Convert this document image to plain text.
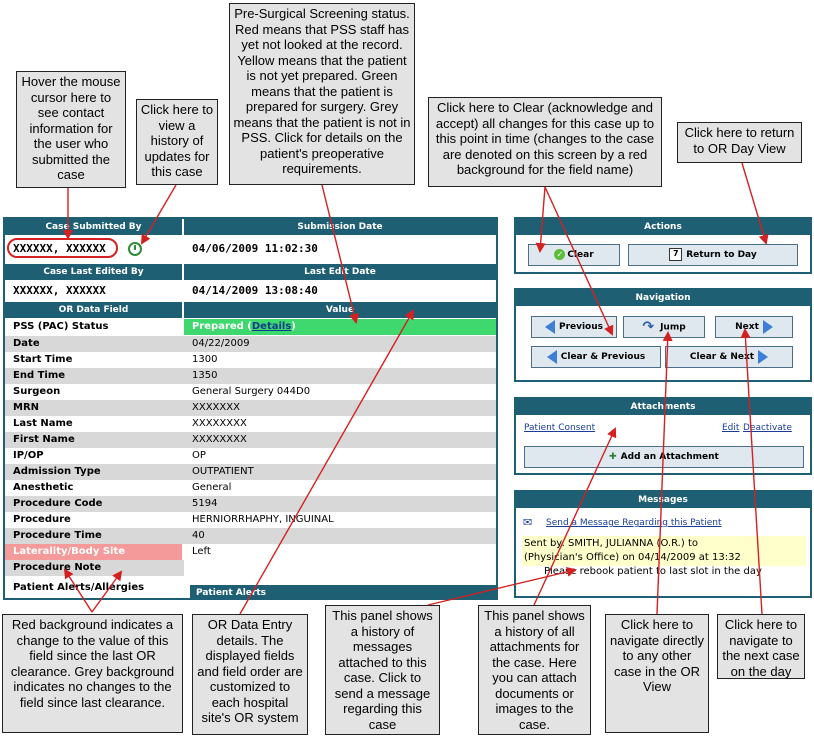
Case Submitted By	Submission Date
XXXXXX, XXXXXX	04/06/2009 11:02:30
Case Last Edited By	Last Edit Date
XXXXXX, XXXXXX	04/14/2009 13:08:40
OR Data Field	Value
PSS (PAC) Status	Prepared (Details)
Date	04/22/2009
Start Time	1300
End Time	1350
Surgeon	General Surgery 044D0
MRN	XXXXXXX
Last Name	XXXXXXXX
First Name	XXXXXXXX
IP/OP	OP
Admission Type	OUTPATIENT
Anesthetic	General
Procedure Code	5194
Procedure	HERNIORRHAPHY, INGUINAL
Procedure Time	40
Laterality/Body Site	Left
Procedure Note
Patient Alerts/Allergies	Patient Alerts
Actions
✓ Clear	7 Return to Day
Navigation
Previous	↷ Jump	Next
Clear & Previous	Clear & Next
Attachments
Patient Consent	Edit Deactivate
✚ Add an Attachment
Messages
✉ Send a Message Regarding this Patient
Sent by: SMITH, JULIANNA (O.R.) to
(Physician's Office) on 04/14/2009 at 13:32
Please rebook patient to last slot in the day
Hover the mouse cursor here to see contact information for the user who submitted the case
Click here to view a history of updates for this case
Pre-Surgical Screening status. Red means that PSS staff has yet not looked at the record. Yellow means that the patient is not yet prepared. Green means that the patient is prepared for surgery. Grey means that the patient is not in PSS. Click for details on the patient's preoperative requirements.
Click here to Clear (acknowledge and accept) all changes for this case up to this point in time (changes to the case are denoted on this screen by a red background for the field name)
Click here to return to OR Day View
Red background indicates a change to the value of this field since the last OR clearance. Grey background indicates no changes to the field since last clearance.
OR Data Entry details. The displayed fields and field order are customized to each hospital site's OR system
This panel shows a history of messages attached to this case. Click to send a message regarding this case
This panel shows a history of all attachments for the case. Here you can attach documents or images to the case.
Click here to navigate directly to any other case in the OR View
Click here to navigate to the next case on the day
